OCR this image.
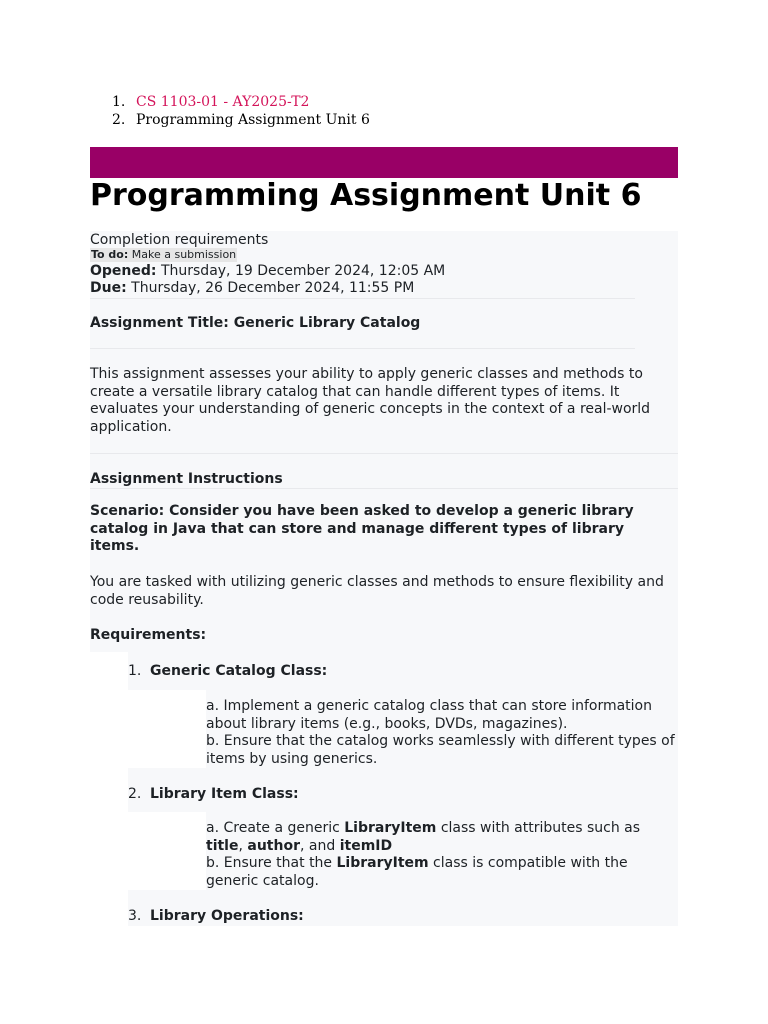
1. CS 1103-01 - AY2025-T2
2. Programming Assignment Unit 6
Programming Assignment Unit 6
Completion requirements
To do: Make a submission
Opened: Thursday, 19 December 2024, 12:05 AM
Due: Thursday, 26 December 2024, 11:55 PM
Assignment Title: Generic Library Catalog

This assignment assesses your ability to apply generic classes and methods to create a versatile library catalog that can handle different types of items. It evaluates your understanding of generic concepts in the context of a real-world application.

Assignment Instructions

Scenario: Consider you have been asked to develop a generic library catalog in Java that can store and manage different types of library items.

You are tasked with utilizing generic classes and methods to ensure flexibility and code reusability.

Requirements:
1. Generic Catalog Class:
a. Implement a generic catalog class that can store information about library items (e.g., books, DVDs, magazines).
b. Ensure that the catalog works seamlessly with different types of items by using generics.
2. Library Item Class:
a. Create a generic LibraryItem class with attributes such as title, author, and itemID
b. Ensure that the LibraryItem class is compatible with the generic catalog.
3. Library Operations:
